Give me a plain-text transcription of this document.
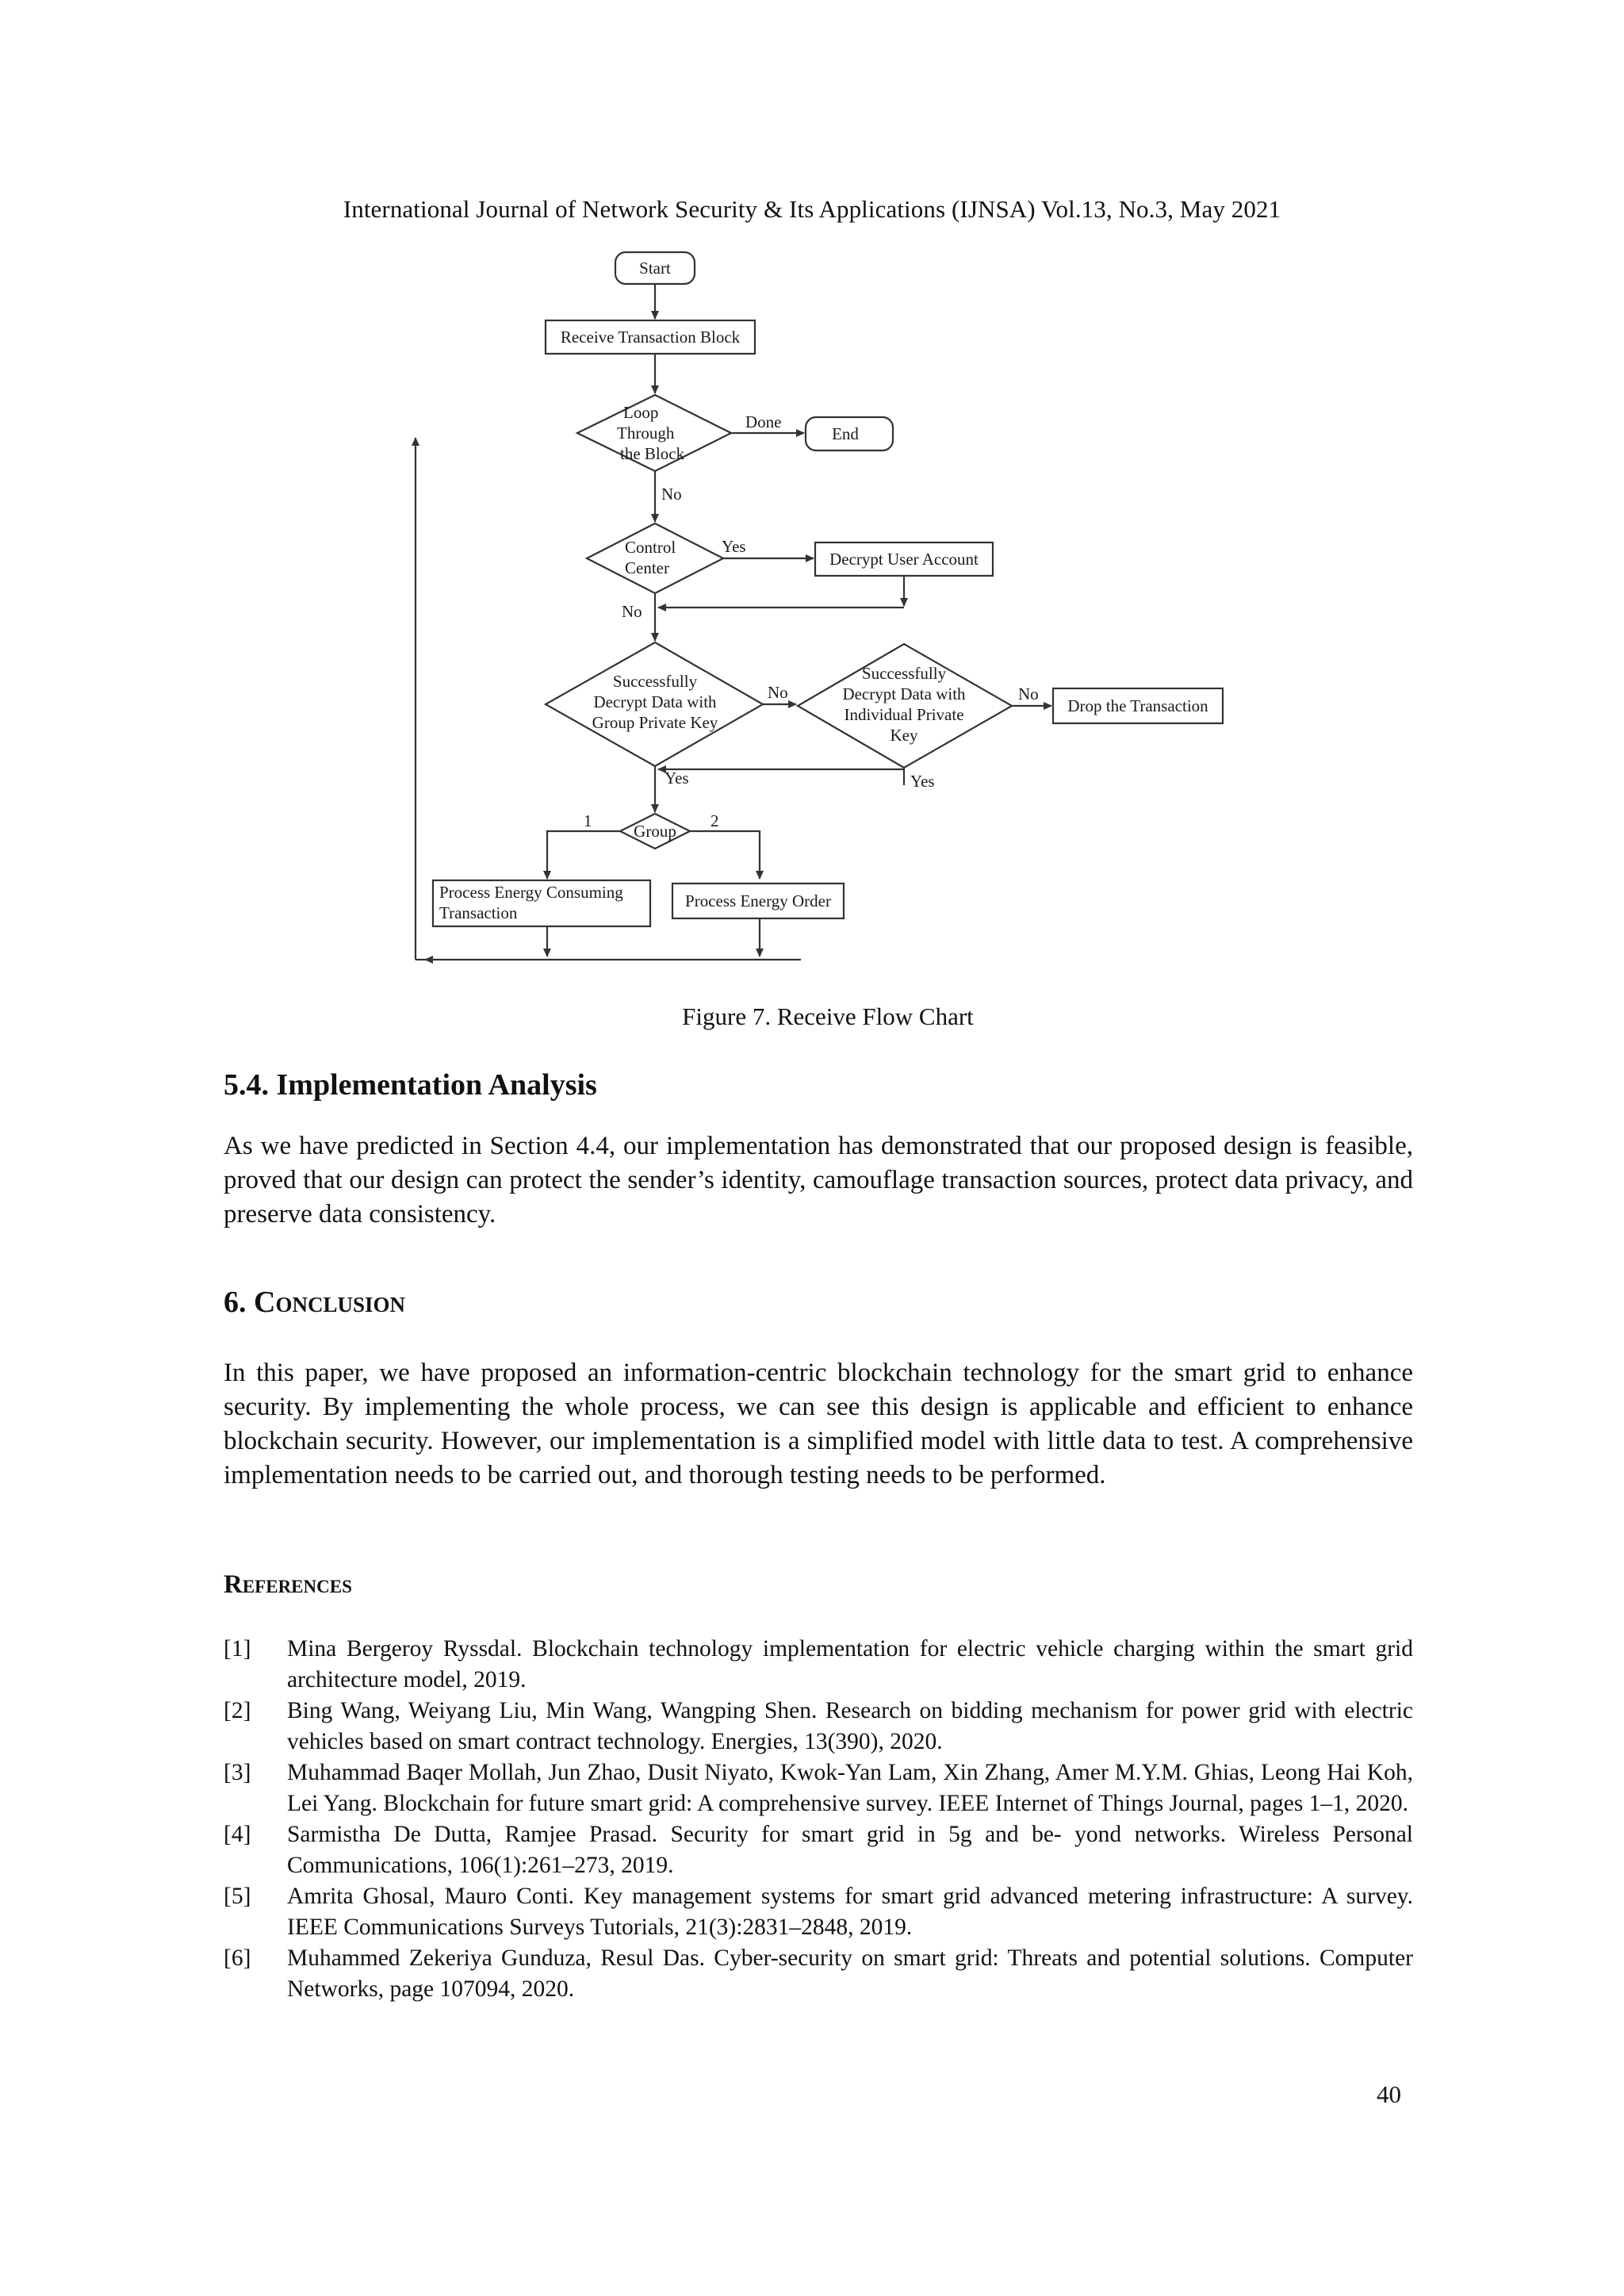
International Journal of Network Security & Its Applications (IJNSA) Vol.13, No.3, May 2021
Start
Receive Transaction Block
Loop
Through
the Block
Done
End
No
Control
Center
Yes
Decrypt User Account
No
Successfully
Decrypt Data with
Group Private Key
No
Successfully
Decrypt Data with
Individual Private
Key
No
Drop the Transaction
Yes
Yes
Group
1	2
Process Energy Consuming
Transaction
Process Energy Order
Figure 7. Receive Flow Chart
5.4. Implementation Analysis

As we have predicted in Section 4.4, our implementation has demonstrated that our proposed design is feasible, proved that our design can protect the sender’s identity, camouflage transaction sources, protect data privacy, and preserve data consistency.

6. Conclusion

In this paper, we have proposed an information-centric blockchain technology for the smart grid to enhance security. By implementing the whole process, we can see this design is applicable and efficient to enhance blockchain security. However, our implementation is a simplified model with little data to test. A comprehensive implementation needs to be carried out, and thorough testing needs to be performed.

References
[1]	Mina Bergeroy Ryssdal. Blockchain technology implementation for electric vehicle charging within the smart grid architecture model, 2019.
[2]	Bing Wang, Weiyang Liu, Min Wang, Wangping Shen. Research on bidding mechanism for power grid with electric vehicles based on smart contract technology. Energies, 13(390), 2020.
[3]	Muhammad Baqer Mollah, Jun Zhao, Dusit Niyato, Kwok-Yan Lam, Xin Zhang, Amer M.Y.M. Ghias, Leong Hai Koh, Lei Yang. Blockchain for future smart grid: A comprehensive survey. IEEE Internet of Things Journal, pages 1–1, 2020.
[4]	Sarmistha De Dutta, Ramjee Prasad. Security for smart grid in 5g and be- yond networks. Wireless Personal Communications, 106(1):261–273, 2019.
[5]	Amrita Ghosal, Mauro Conti. Key management systems for smart grid advanced metering infrastructure: A survey. IEEE Communications Surveys Tutorials, 21(3):2831–2848, 2019.
[6]	Muhammed Zekeriya Gunduza, Resul Das. Cyber-security on smart grid: Threats and potential solutions. Computer Networks, page 107094, 2020.
40
